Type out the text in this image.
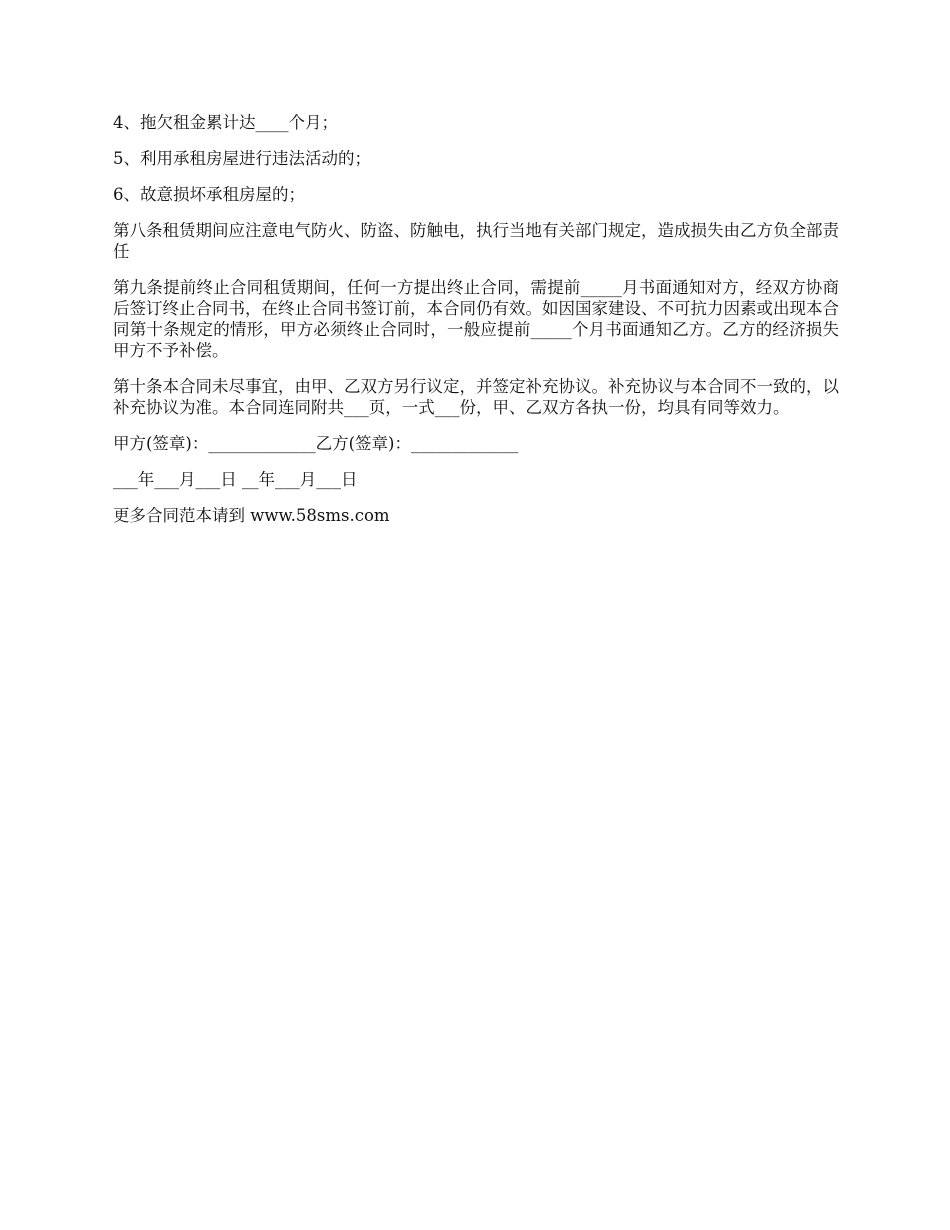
4、拖欠租金累计达____个月；

5、利用承租房屋进行违法活动的；

6、故意损坏承租房屋的；

第八条租赁期间应注意电气防火、防盗、防触电，执行当地有关部门规定，造成损失由乙方负全部责任

第九条提前终止合同租赁期间，任何一方提出终止合同，需提前_____月书面通知对方，经双方协商后签订终止合同书，在终止合同书签订前，本合同仍有效。如因国家建设、不可抗力因素或出现本合同第十条规定的情形，甲方必须终止合同时，一般应提前_____个月书面通知乙方。乙方的经济损失甲方不予补偿。

第十条本合同未尽事宜，由甲、乙双方另行议定，并签定补充协议。补充协议与本合同不一致的，以补充协议为准。本合同连同附共___页，一式___份，甲、乙双方各执一份，均具有同等效力。

甲方(签章)：_____________乙方(签章)：_____________

___年___月___日 __年___月___日

更多合同范本请到 www.58sms.com
